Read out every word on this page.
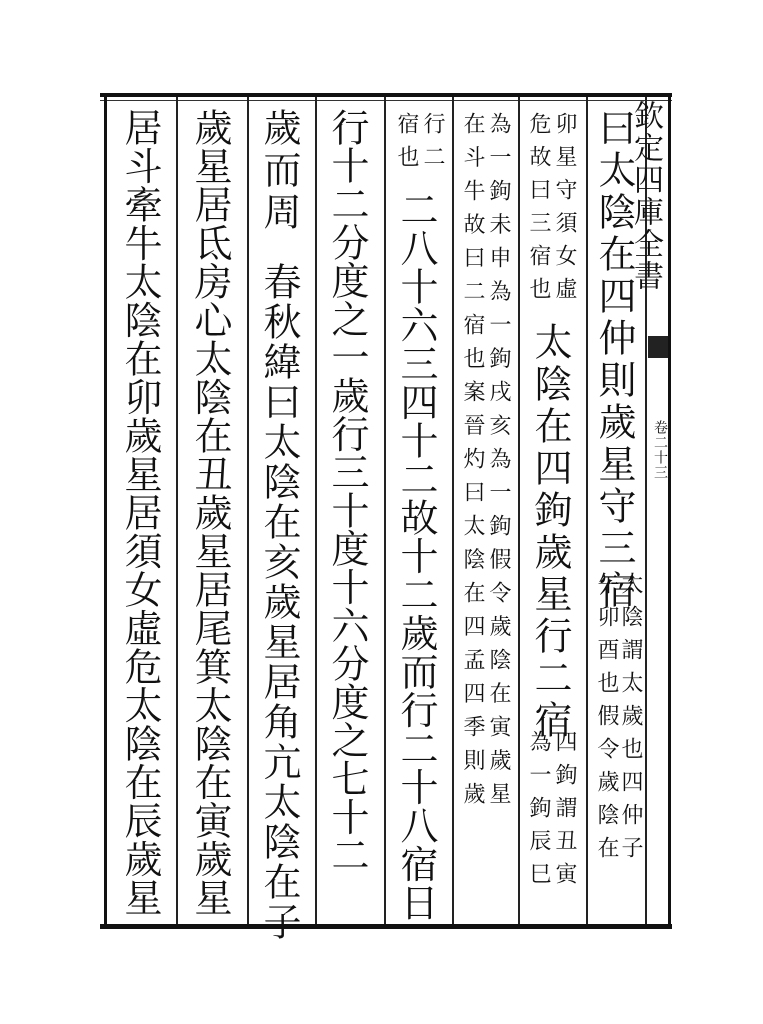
欽定四庫全書
卷二十三
曰太陰在四仲則歲星守三宿
太陰謂太歲也四仲子
午卯酉也假令歲陰在
卯星守須女虛
危故曰三宿也
太陰在四鉤歲星行二宿
四鉤謂丑寅
為一鉤辰巳
為一鉤未申為一鉤戌亥為一鉤假令歲陰在寅歲星
在斗牛故曰二宿也案晉灼曰太陰在四孟四季則歲
行二
宿也
二八十六三四十二故十二歲而行二十八宿日
行十二分度之一歲行三十度十六分度之七十二
歲而周
春秋緯曰太陰在亥歲星居角亢太陰在子
歲星居氐房心太陰在丑歲星居尾箕太陰在寅歲星
居斗牽牛太陰在卯歲星居須女虛危太陰在辰歲星
